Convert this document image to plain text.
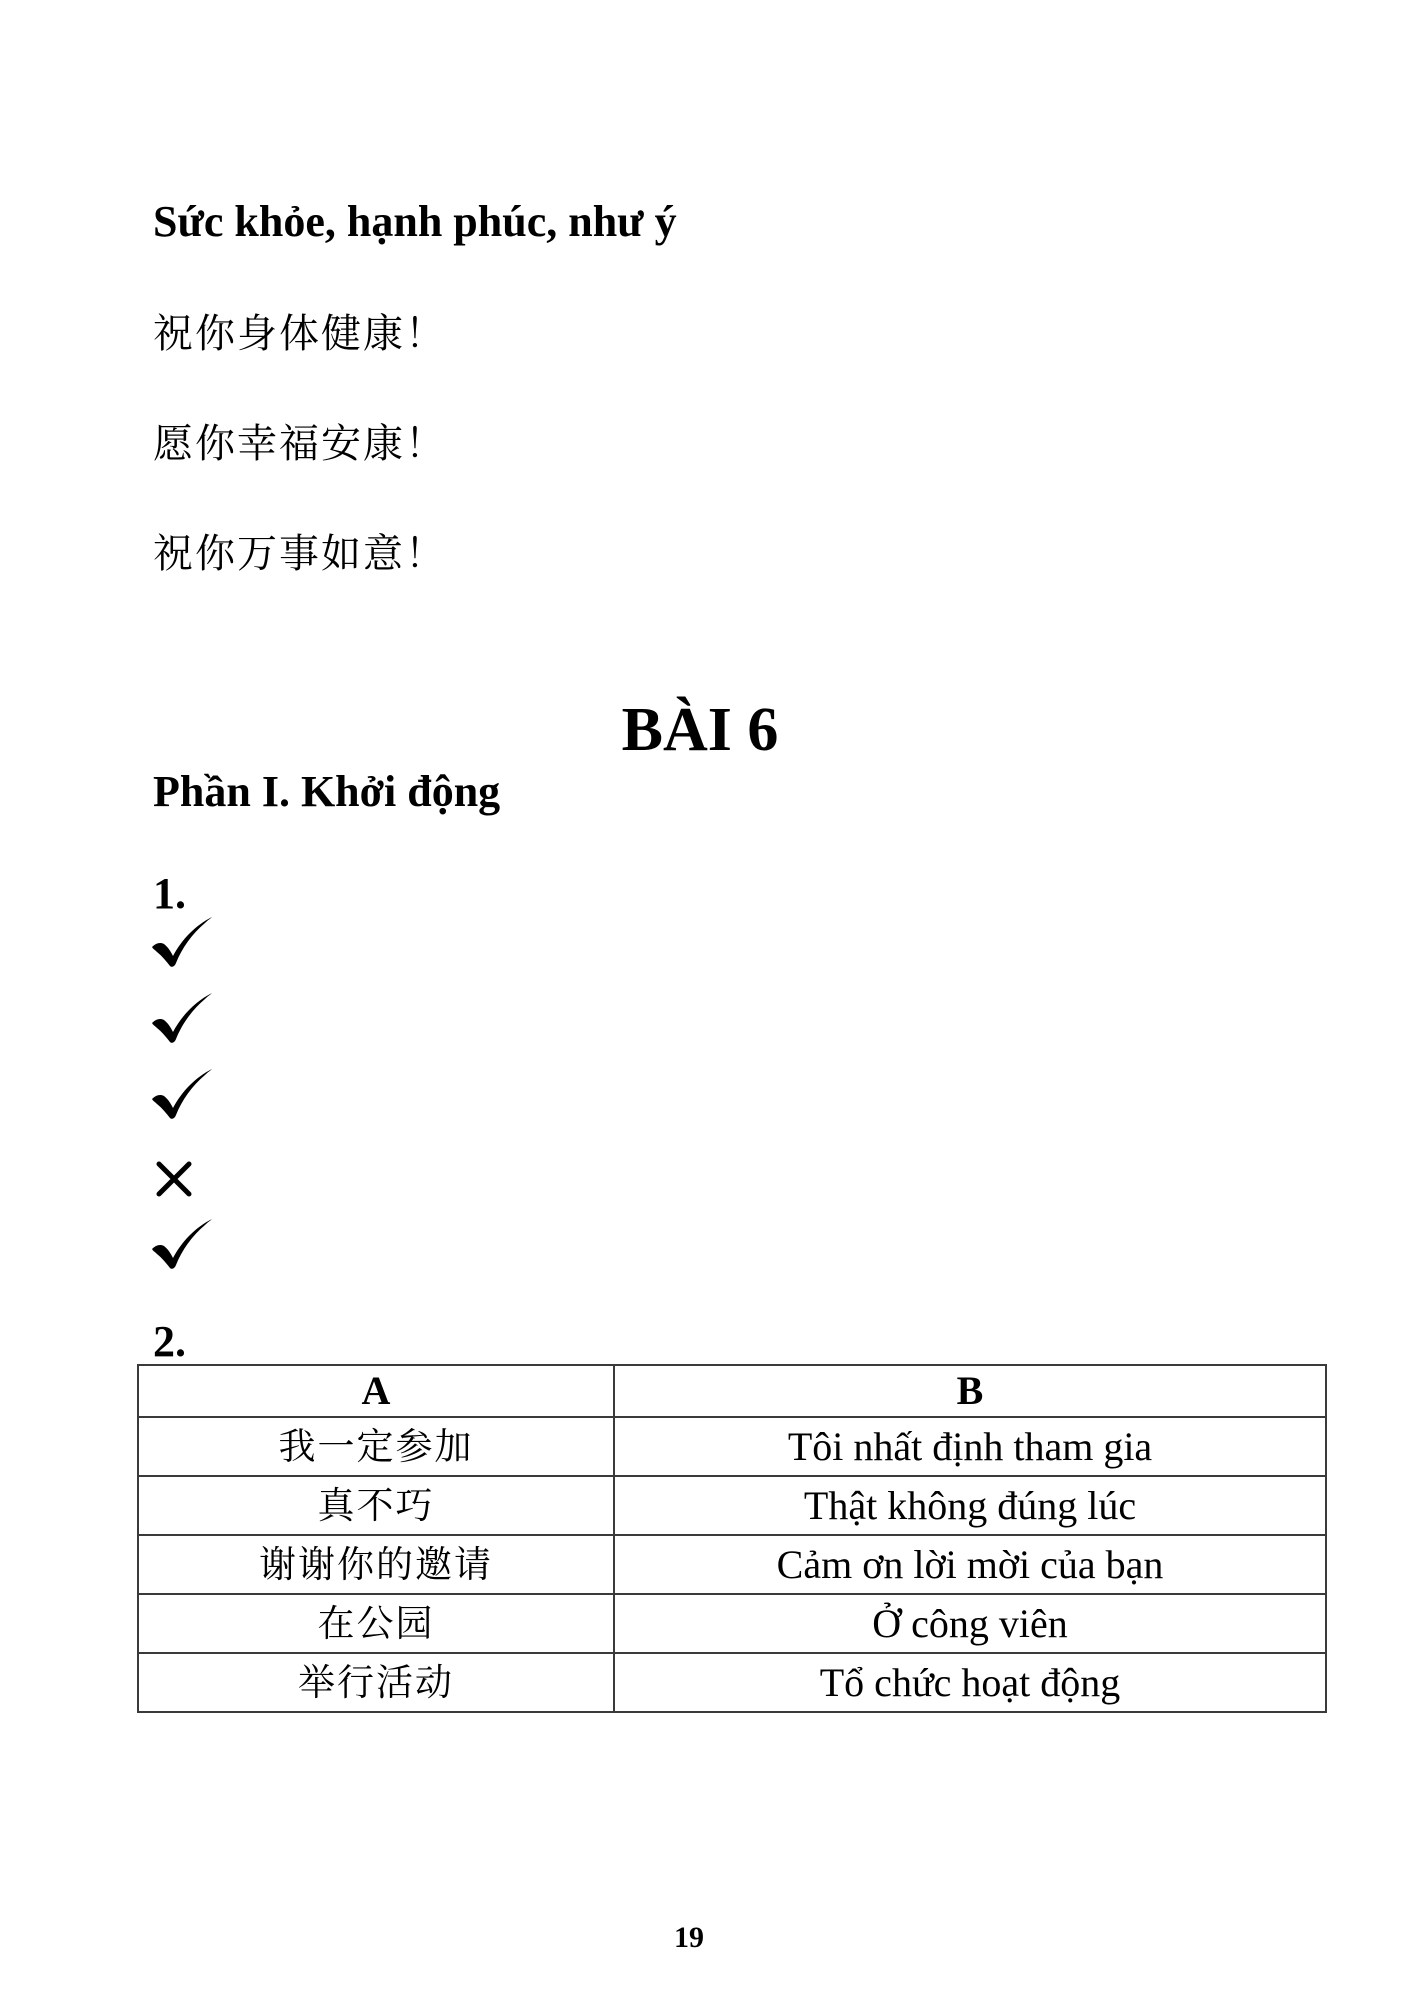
Sức khỏe, hạnh phúc, như ý
祝你身体健康！
愿你幸福安康！
祝你万事如意！
BÀI 6
Phần I. Khởi động
1.
2.
A	B
我一定参加	Tôi nhất định tham gia
真不巧	Thật không đúng lúc
谢谢你的邀请	Cảm ơn lời mời của bạn
在公园	Ở công viên
举行活动	Tổ chức hoạt động
19
